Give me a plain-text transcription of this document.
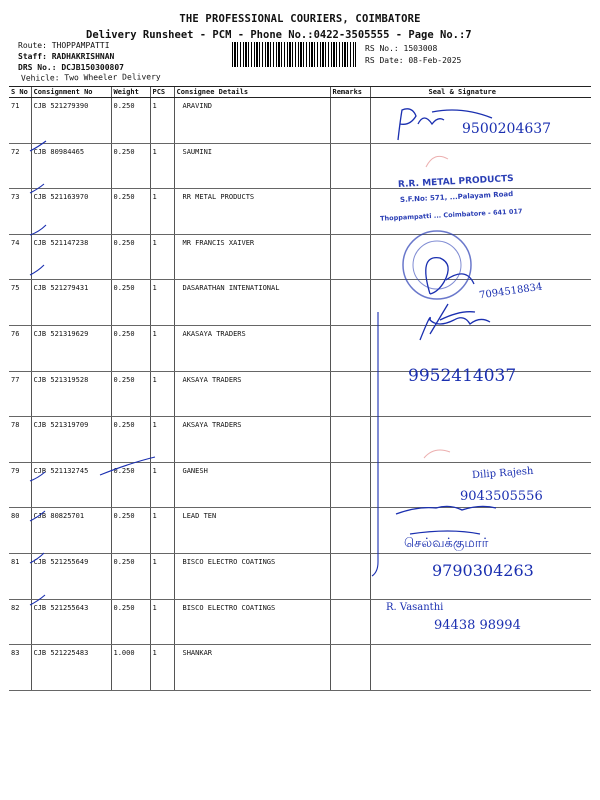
THE PROFESSIONAL COURIERS, COIMBATORE
Delivery Runsheet - PCM - Phone No.:0422-3505555 - Page No.:7
Route: THOPPAMPATTI
Staff: RADHAKRISHNAN
DRS No.: DCJB150300807
Vehicle: Two Wheeler Delivery
RS No.: 1503008
RS Date: 08-Feb-2025
S No	Consignment No	Weight	PCS	Consignee Details	Remarks	Seal & Signature
71	CJB 521279390	0.250	1	ARAVIND		
72	CJB 80984465	0.250	1	SAUMINI		
73	CJB 521163970	0.250	1	RR METAL PRODUCTS		
74	CJB 521147238	0.250	1	MR FRANCIS XAIVER		
75	CJB 521279431	0.250	1	DASARATHAN INTENATIONAL		
76	CJB 521319629	0.250	1	AKASAYA TRADERS		
77	CJB 521319528	0.250	1	AKSAYA TRADERS		
78	CJB 521319709	0.250	1	AKSAYA TRADERS		
79	CJB 521132745	0.250	1	GANESH		
80	CJB 80825701	0.250	1	LEAD TEN		
81	CJB 521255649	0.250	1	BISCO ELECTRO COATINGS		
82	CJB 521255643	0.250	1	BISCO ELECTRO COATINGS		
83	CJB 521225483	1.000	1	SHANKAR		
9500204637
7094518834
9952414037
Dilip Rajesh
9043505556
செல்வக்குமார்
9790304263
R. Vasanthi
94438 98994
R.R. METAL PRODUCTS
S.F.No: 571, ...Palayam Road
Thoppampatti ... Coimbatore - 641 017
